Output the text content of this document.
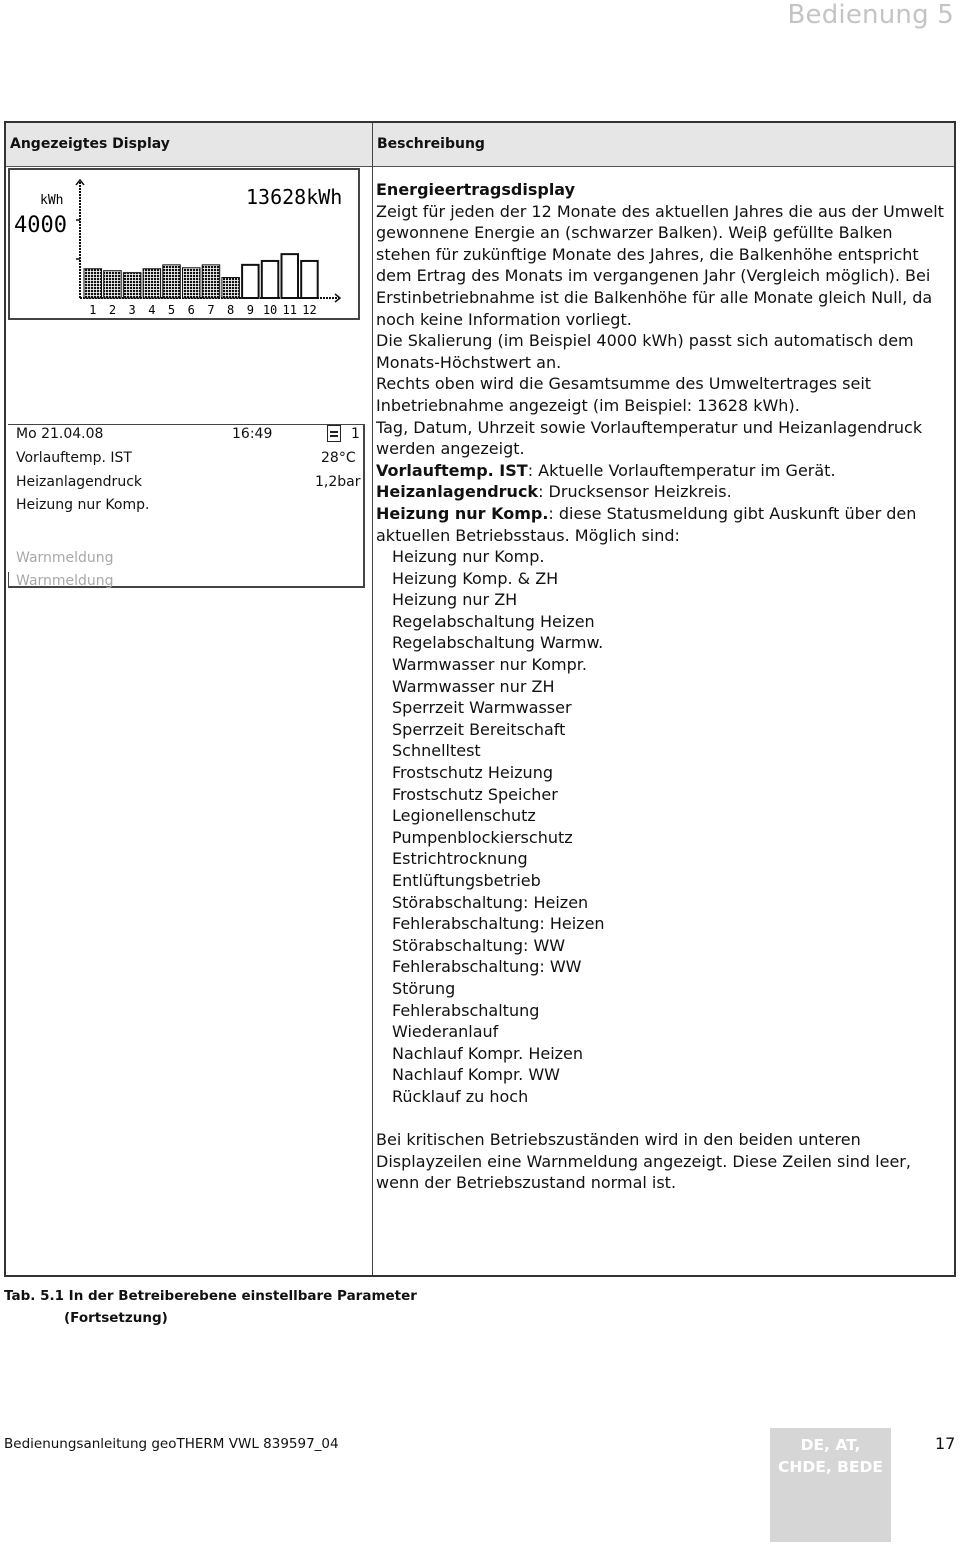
Bedienung 5
Angezeigtes Display	Beschreibung
kWh
4000
13628kWh
1 2 3 4 5 6 7 8 9 10 11 12
Mo 21.04.08	16:49	1
Vorlauftemp. IST	28°C
Heizanlagendruck	1,2bar
Heizung nur Komp.
Warnmeldung
Warnmeldung

Energieertragsdisplay

Zeigt für jeden der 12 Monate des aktuellen Jahres die aus der Umwelt gewonnene Energie an (schwarzer Balken). Weiβ gefüllte Balken stehen für zukünftige Monate des Jahres, die Balkenhöhe entspricht dem Ertrag des Monats im vergangenen Jahr (Vergleich möglich). Bei Erstinbetriebnahme ist die Balkenhöhe für alle Monate gleich Null, da noch keine Information vorliegt.

Die Skalierung (im Beispiel 4000 kWh) passt sich automatisch dem Monats-Höchstwert an.

Rechts oben wird die Gesamtsumme des Umweltertrages seit Inbetriebnahme angezeigt (im Beispiel: 13628 kWh).

Tag, Datum, Uhrzeit sowie Vorlauftemperatur und Heizanlagendruck werden angezeigt.

Vorlauftemp. IST: Aktuelle Vorlauftemperatur im Gerät.

Heizanlagendruck: Drucksensor Heizkreis.

Heizung nur Komp.: diese Statusmeldung gibt Auskunft über den aktuellen Betriebsstaus. Möglich sind:

Heizung nur Komp.
Heizung Komp. & ZH
Heizung nur ZH
Regelabschaltung Heizen
Regelabschaltung Warmw.
Warmwasser nur Kompr.
Warmwasser nur ZH
Sperrzeit Warmwasser
Sperrzeit Bereitschaft
Schnelltest
Frostschutz Heizung
Frostschutz Speicher
Legionellenschutz
Pumpenblockierschutz
Estrichtrocknung
Entlüftungsbetrieb
Störabschaltung: Heizen
Fehlerabschaltung: Heizen
Störabschaltung: WW
Fehlerabschaltung: WW
Störung
Fehlerabschaltung
Wiederanlauf
Nachlauf Kompr. Heizen
Nachlauf Kompr. WW
Rücklauf zu hoch

Bei kritischen Betriebszuständen wird in den beiden unteren Displayzeilen eine Warnmeldung angezeigt. Diese Zeilen sind leer, wenn der Betriebszustand normal ist.

Tab. 5.1 In der Betreiberebene einstellbare Parameter
(Fortsetzung)
Bedienungsanleitung geoTHERM VWL 839597_04	DE, AT,
CHDE, BEDE
17
